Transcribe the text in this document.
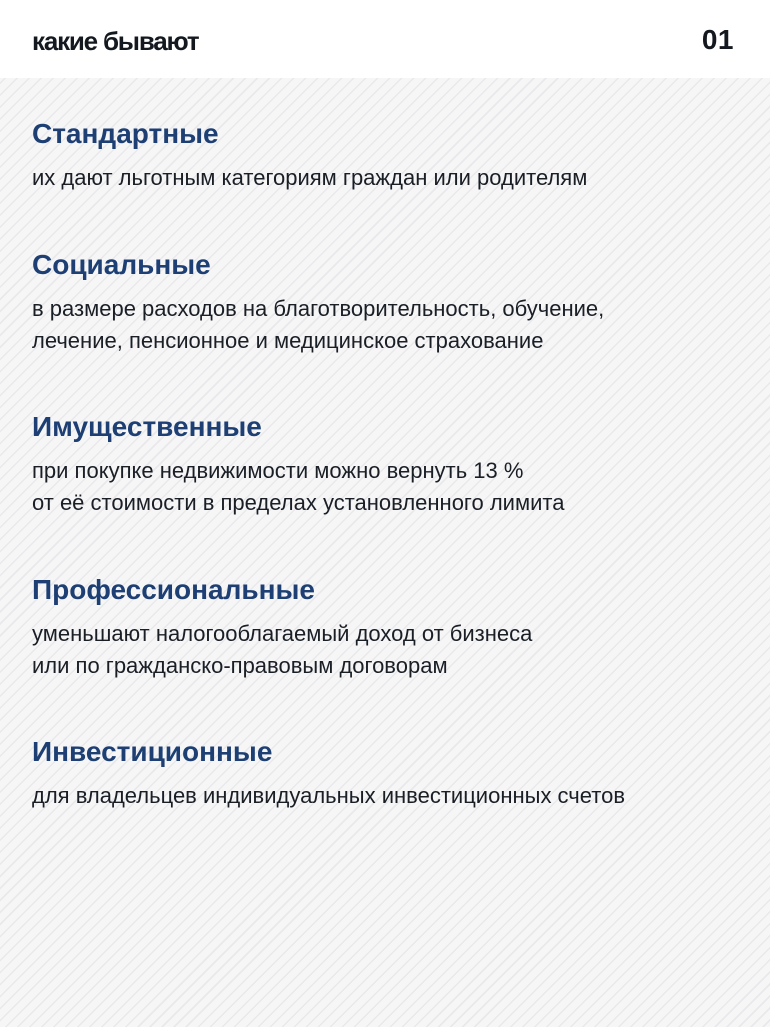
какие бывают	01
Стандартные
их дают льготным категориям граждан или родителям
Социальные
в размере расходов на благотворительность, обучение,
лечение, пенсионное и медицинское страхование
Имущественные
при покупке недвижимости можно вернуть 13 %
от её стоимости в пределах установленного лимита
Профессиональные
уменьшают налогооблагаемый доход от бизнеса
или по гражданско-правовым договорам
Инвестиционные
для владельцев индивидуальных инвестиционных счетов
